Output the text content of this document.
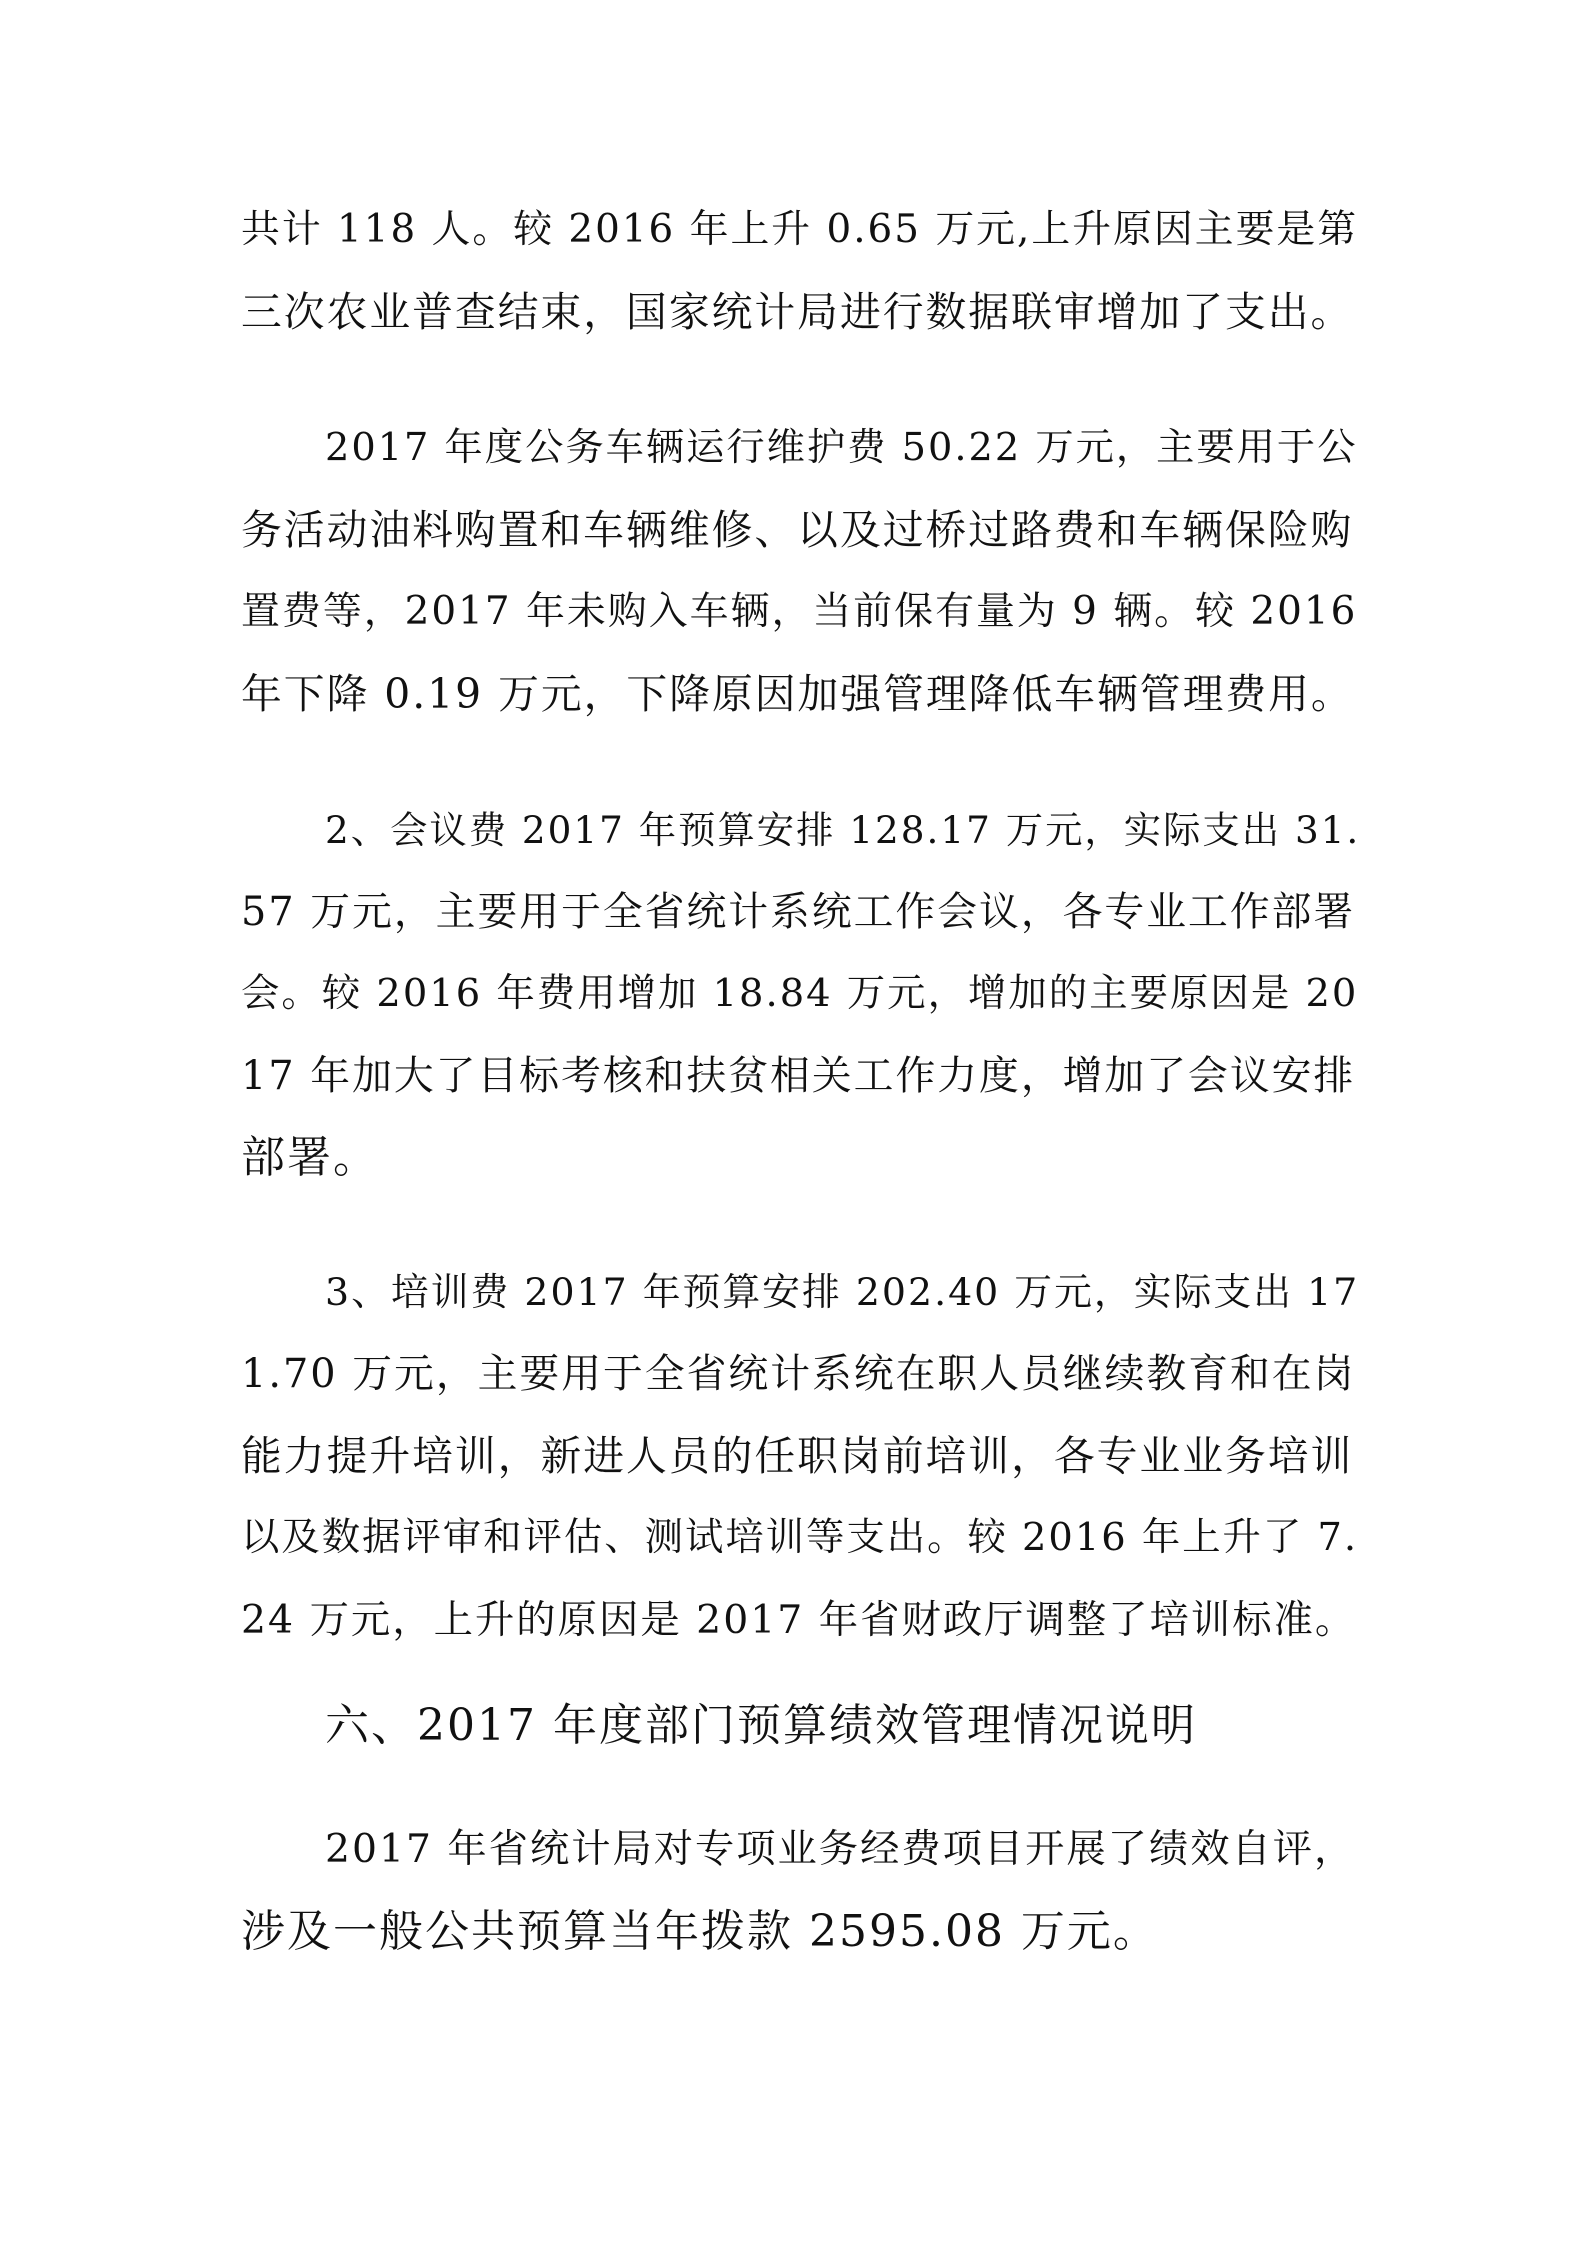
共计 118 人。较 2016 年上升 0.65 万元,上升原因主要是第

三次农业普查结束，国家统计局进行数据联审增加了支出。

2017 年度公务车辆运行维护费 50.22 万元，主要用于公

务活动油料购置和车辆维修、以及过桥过路费和车辆保险购

置费等，2017 年未购入车辆，当前保有量为 9 辆。较 2016

年下降 0.19 万元，下降原因加强管理降低车辆管理费用。

2、会议费 2017 年预算安排 128.17 万元，实际支出 31.

57 万元，主要用于全省统计系统工作会议，各专业工作部署

会。较 2016 年费用增加 18.84 万元，增加的主要原因是 20

17 年加大了目标考核和扶贫相关工作力度，增加了会议安排

部署。

3、培训费 2017 年预算安排 202.40 万元，实际支出 17

1.70 万元，主要用于全省统计系统在职人员继续教育和在岗

能力提升培训，新进人员的任职岗前培训，各专业业务培训

以及数据评审和评估、测试培训等支出。较 2016 年上升了 7.

24 万元，上升的原因是 2017 年省财政厅调整了培训标准。

六、2017 年度部门预算绩效管理情况说明

2017 年省统计局对专项业务经费项目开展了绩效自评，

涉及一般公共预算当年拨款 2595.08 万元。
